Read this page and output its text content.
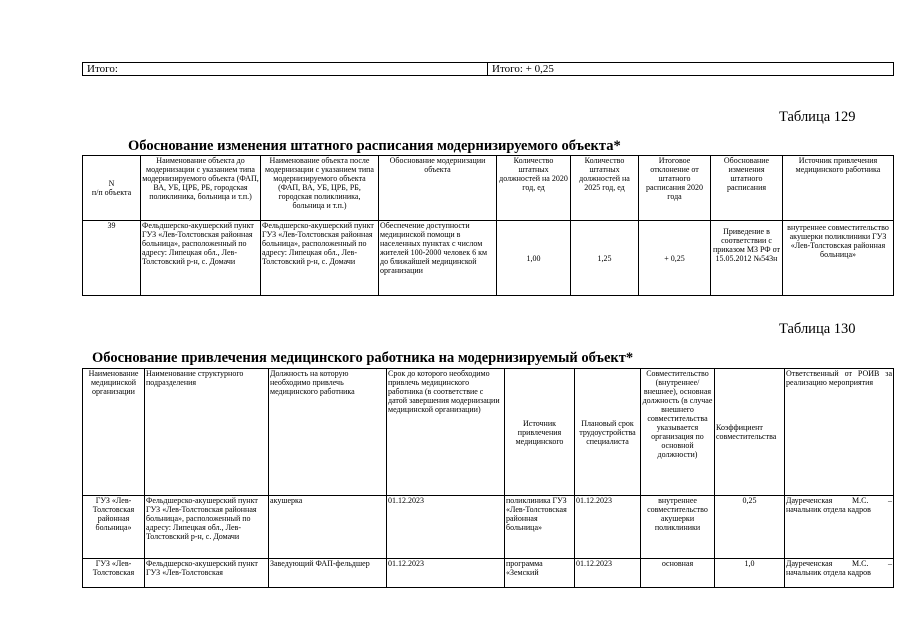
Итого:	Итого: + 0,25
Таблица 129
Обоснование изменения штатного расписания модернизируемого объекта*
N
п/п объекта	Наименование объекта до модернизации с указанием типа модернизируемого объекта (ФАП, ВА, УБ, ЦРБ, РБ, городская поликлиника, больница и т.п.)	Наименование объекта после модернизации с указанием типа модернизируемого объекта (ФАП, ВА, УБ, ЦРБ, РБ, городская поликлиника, больница и т.п.)	Обоснование модернизации объекта	Количество штатных должностей на 2020 год, ед	Количество штатных должностей на 2025 год, ед	Итоговое отклонение от штатного расписания 2020 года	Обоснование изменения штатного расписания	Источник привлечения медицинского работника
39	Фельдшерско-акушерский пункт ГУЗ «Лев-Толстовская районная больница», расположенный по адресу: Липецкая обл., Лев-Толстовский р-н, с. Домачи	Фельдшерско-акушерский пункт ГУЗ «Лев-Толстовская районная больница», расположенный по адресу: Липецкая обл., Лев-Толстовский р-н, с. Домачи	Обеспечение доступности медицинской помощи в населенных пунктах с числом жителей 100-2000 человек 6 км до ближайшей медицинской организации	1,00	1,25	+ 0,25	Приведение в соответствии с приказом МЗ РФ от 15.05.2012 №543н	внутреннее совместительство акушерки поликлиники ГУЗ «Лев-Толстовская районная больница»
Таблица 130
Обоснование привлечения медицинского работника на модернизируемый объект*
Наименование медицинской организации	Наименование структурного подразделения	Должность на которую необходимо привлечь медицинского работника	Срок до которого необходимо привлечь медицинского работника (в соответствие с датой завершения модернизации медицинской организации)	Источник привлечения медицинского	Плановый срок трудоустройства специалиста	Совместительство (внутреннее/внешнее), основная должность (в случае внешнего совместительства указывается организация по основной должности)	Коэффициент совместительства	Ответственный от РОИВ за реализацию мероприятия
ГУЗ «Лев-Толстовская районная больница»	Фельдшерско-акушерский пункт ГУЗ «Лев-Толстовская районная больница», расположенный по адресу: Липецкая обл., Лев-Толстовский р-н, с. Домачи	акушерка	01.12.2023	поликлиника ГУЗ «Лев-Толстовская районная больница»	01.12.2023	внутреннее совместительство акушерки поликлиники	0,25	Дауреченская М.С. – начальник отдела кадров
ГУЗ «Лев-Толстовская	Фельдшерско-акушерский пункт ГУЗ «Лев-Толстовская	Заведующий ФАП-фельдшер	01.12.2023	программа «Земский	01.12.2023	основная	1,0	Дауреченская М.С. – начальник отдела кадров
